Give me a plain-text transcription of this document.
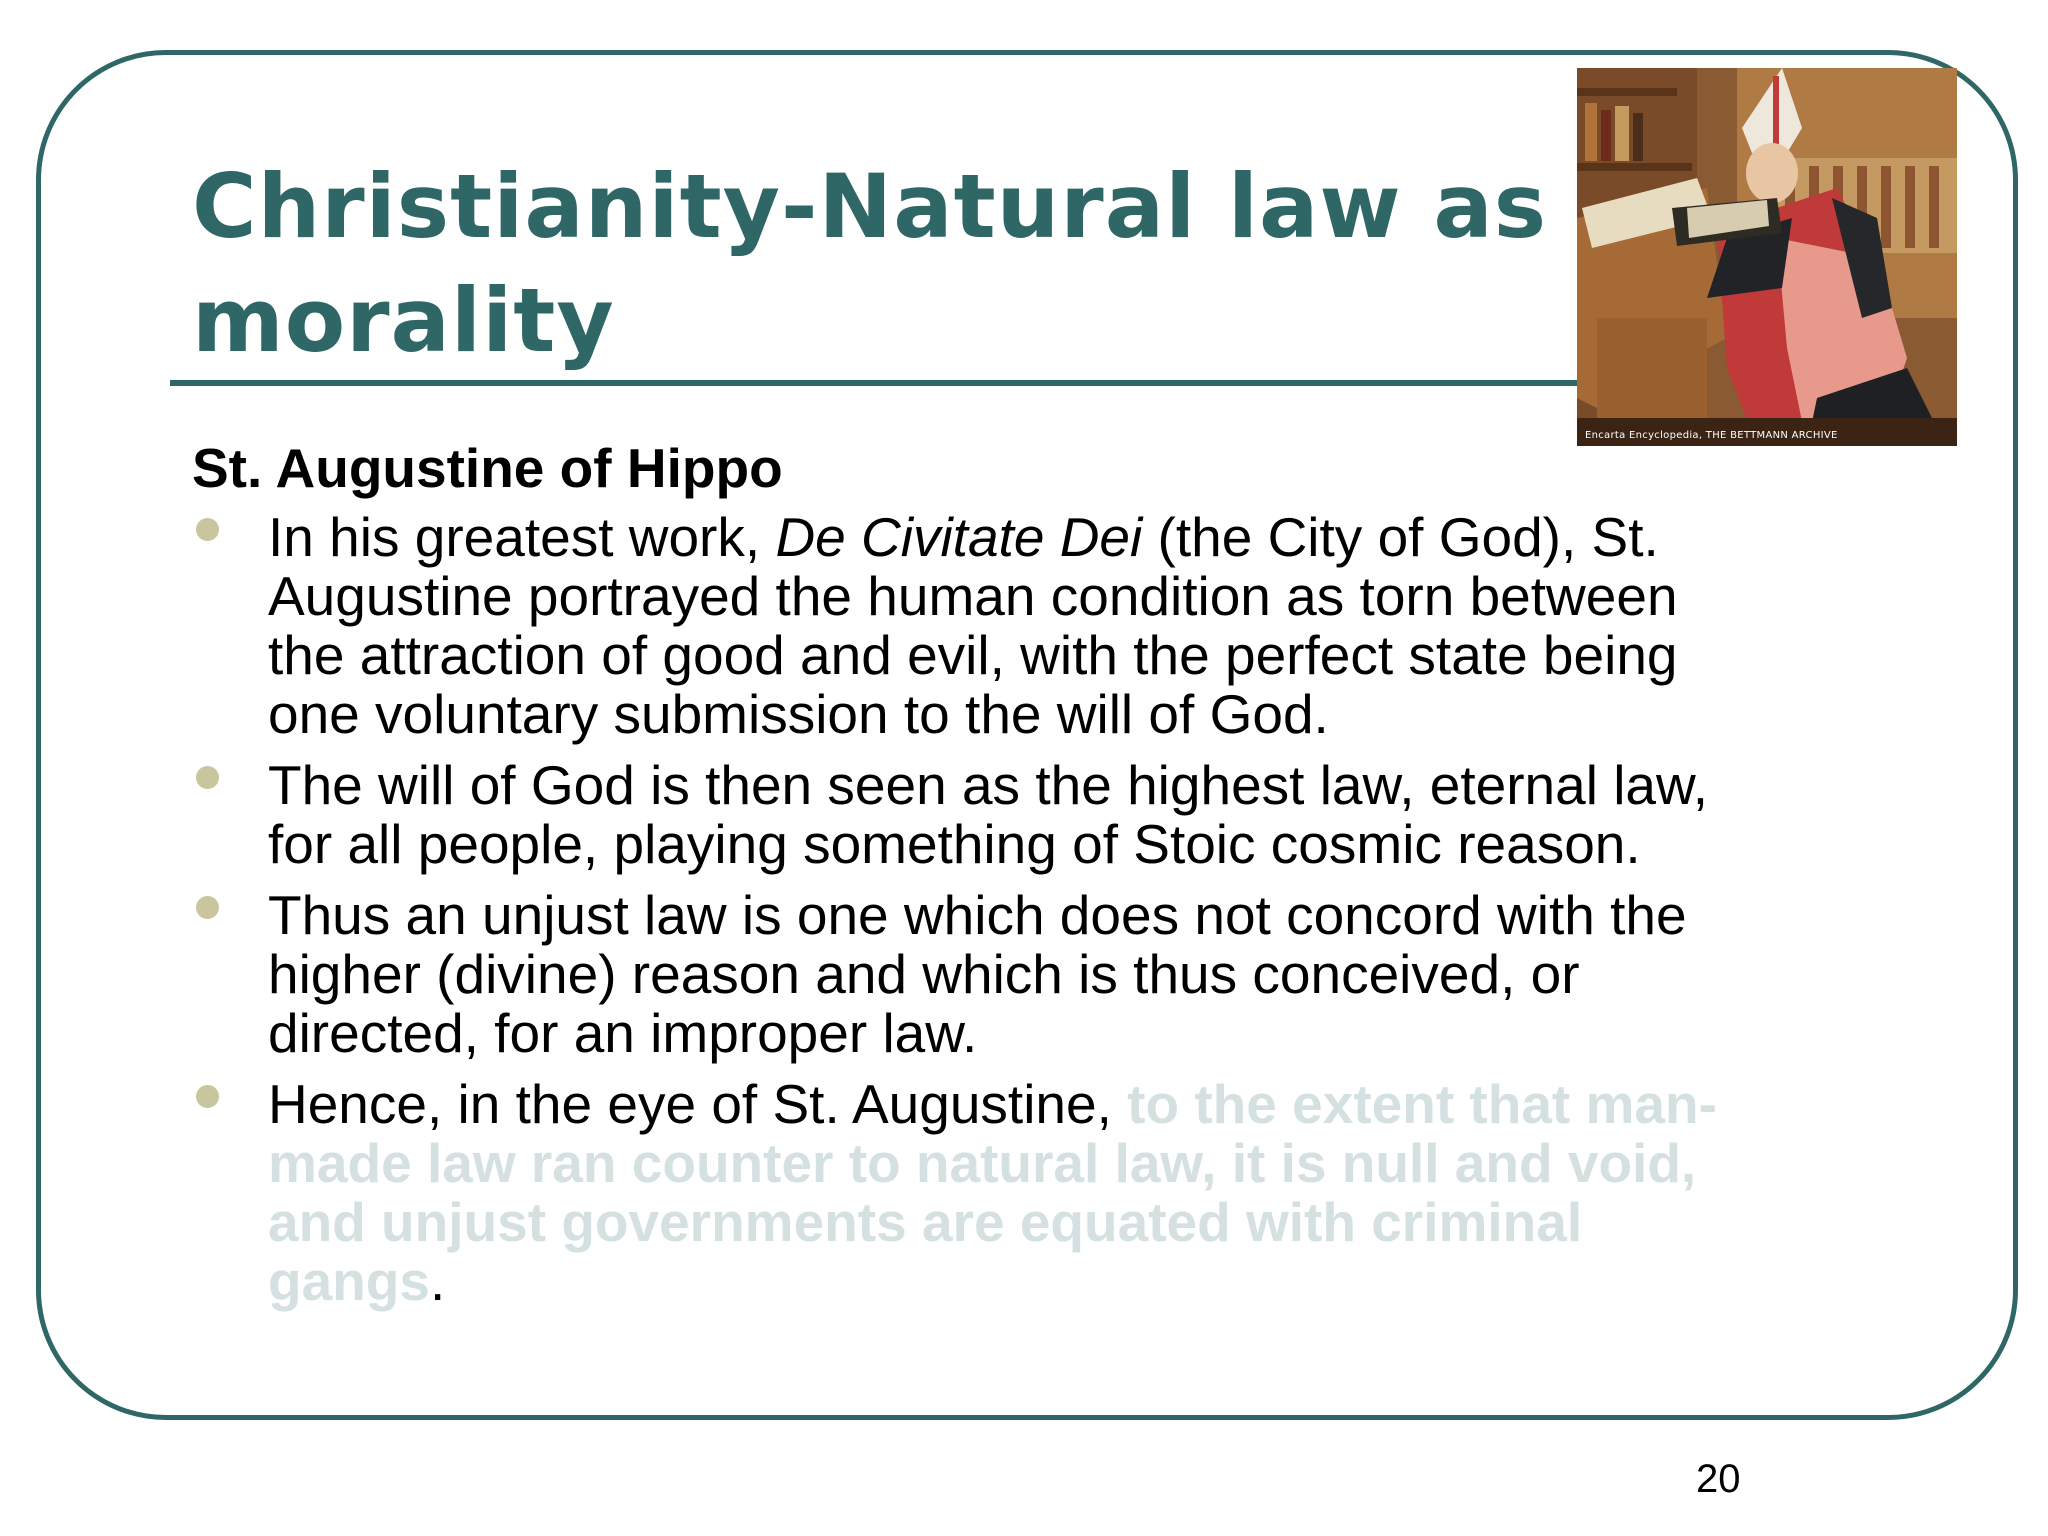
Christianity-Natural law as
morality
Encarta Encyclopedia, THE BETTMANN ARCHIVE
St. Augustine of Hippo
In his greatest work, De Civitate Dei (the City of God), St.
Augustine portrayed the human condition as torn between
the attraction of good and evil, with the perfect state being
one voluntary submission to the will of God.
The will of God is then seen as the highest law, eternal law,
for all people, playing something of Stoic cosmic reason.
Thus an unjust law is one which does not concord with the
higher (divine) reason and which is thus conceived, or
directed, for an improper law.
Hence, in the eye of St. Augustine, to the extent that man-
made law ran counter to natural law, it is null and void,
and unjust governments are equated with criminal
gangs.
20
